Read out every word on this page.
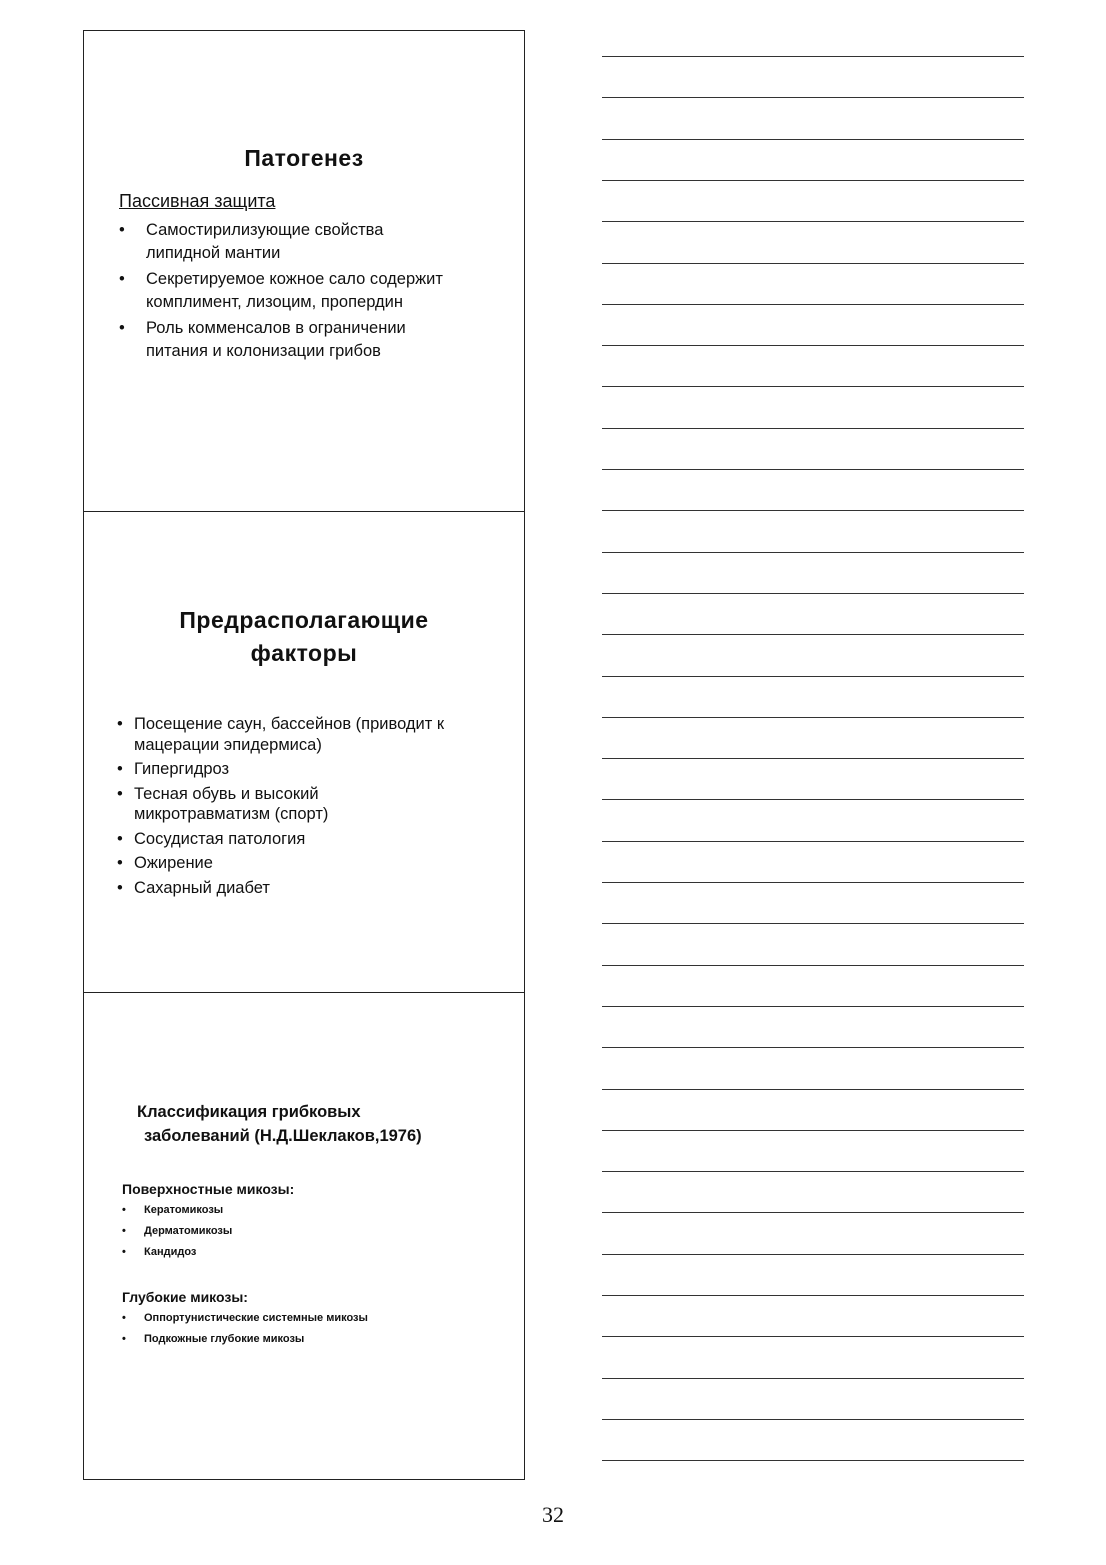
Патогенез
Пассивная защита
• Самостирилизующие свойства
липидной мантии
• Секретируемое кожное сало содержит
комплимент, лизоцим, пропердин
• Роль комменсалов в ограничении
питания и колонизации грибов
Предрасполагающие
факторы
• Посещение саун, бассейнов (приводит к
мацерации эпидермиса)
• Гипергидроз
• Тесная обувь и высокий
микротравматизм (спорт)
• Сосудистая патология
• Ожирение
• Сахарный диабет
Классификация грибковых
заболеваний (Н.Д.Шеклаков,1976)
Поверхностные микозы:
• Кератомикозы
• Дерматомикозы
• Кандидоз
Глубокие микозы:
• Оппортунистические системные микозы
• Подкожные глубокие микозы
32
